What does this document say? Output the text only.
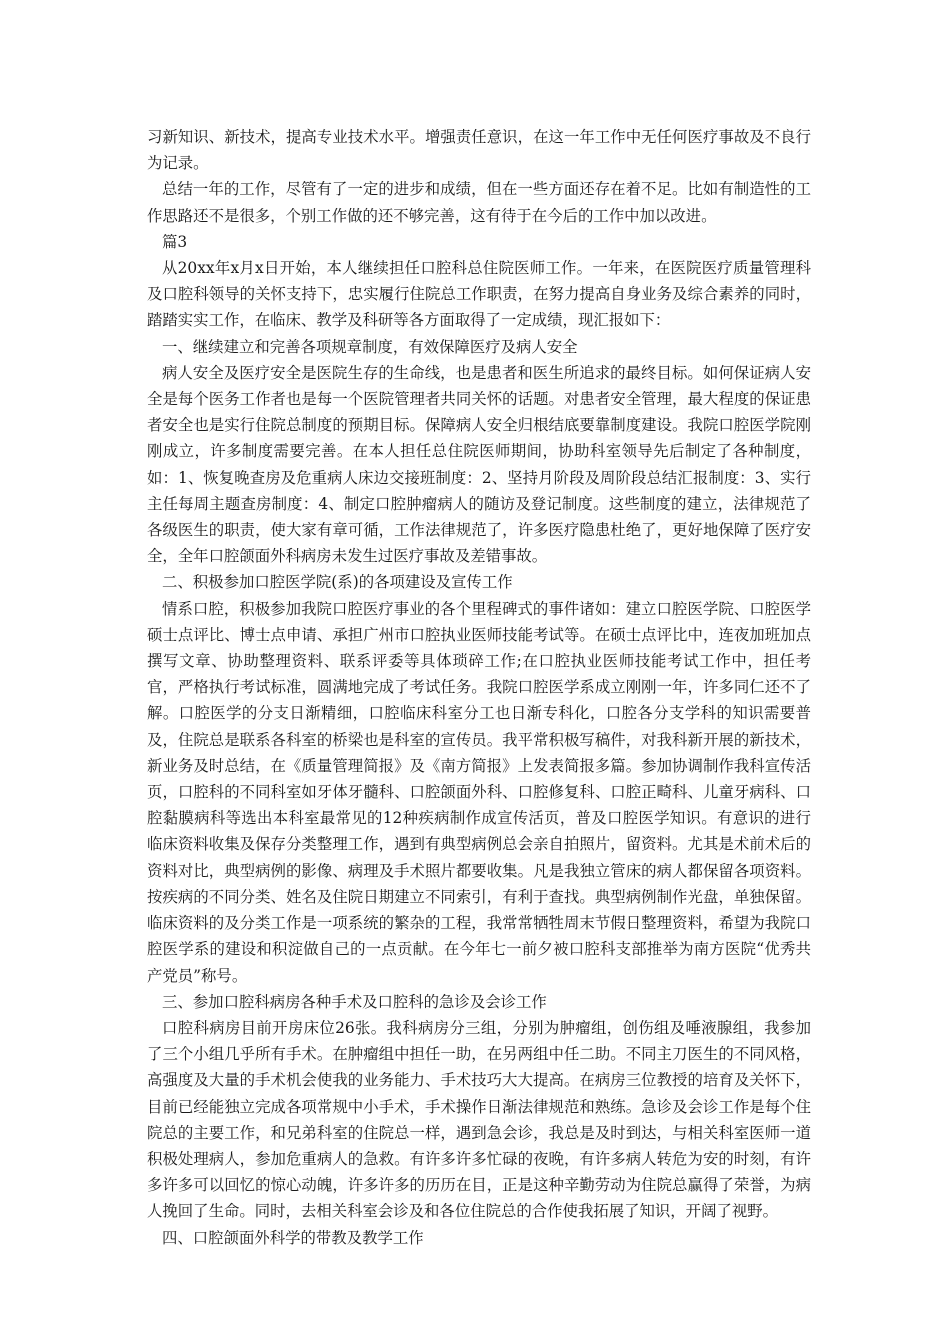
习新知识、新技术，提高专业技术水平。增强责任意识，在这一年工作中无任何医疗事故及不良行为记录。

总结一年的工作，尽管有了一定的进步和成绩，但在一些方面还存在着不足。比如有制造性的工作思路还不是很多，个别工作做的还不够完善，这有待于在今后的工作中加以改进。

篇3

从20xx年x月x日开始，本人继续担任口腔科总住院医师工作。一年来，在医院医疗质量管理科及口腔科领导的关怀支持下，忠实履行住院总工作职责，在努力提高自身业务及综合素养的同时，踏踏实实工作，在临床、教学及科研等各方面取得了一定成绩，现汇报如下：

一、继续建立和完善各项规章制度，有效保障医疗及病人安全

病人安全及医疗安全是医院生存的生命线，也是患者和医生所追求的最终目标。如何保证病人安全是每个医务工作者也是每一个医院管理者共同关怀的话题。对患者安全管理，最大程度的保证患者安全也是实行住院总制度的预期目标。保障病人安全归根结底要靠制度建设。我院口腔医学院刚刚成立，许多制度需要完善。在本人担任总住院医师期间，协助科室领导先后制定了各种制度，如：1、恢复晚查房及危重病人床边交接班制度：2、坚持月阶段及周阶段总结汇报制度：3、实行主任每周主题查房制度：4、制定口腔肿瘤病人的随访及登记制度。这些制度的建立，法律规范了各级医生的职责，使大家有章可循，工作法律规范了，许多医疗隐患杜绝了，更好地保障了医疗安全，全年口腔颌面外科病房未发生过医疗事故及差错事故。

二、积极参加口腔医学院(系)的各项建设及宣传工作

情系口腔，积极参加我院口腔医疗事业的各个里程碑式的事件诸如：建立口腔医学院、口腔医学硕士点评比、博士点申请、承担广州市口腔执业医师技能考试等。在硕士点评比中，连夜加班加点撰写文章、协助整理资料、联系评委等具体琐碎工作;在口腔执业医师技能考试工作中，担任考官，严格执行考试标准，圆满地完成了考试任务。我院口腔医学系成立刚刚一年，许多同仁还不了解。口腔医学的分支日渐精细，口腔临床科室分工也日渐专科化，口腔各分支学科的知识需要普及，住院总是联系各科室的桥梁也是科室的宣传员。我平常积极写稿件，对我科新开展的新技术，新业务及时总结，在《质量管理简报》及《南方简报》上发表简报多篇。参加协调制作我科宣传活页，口腔科的不同科室如牙体牙髓科、口腔颌面外科、口腔修复科、口腔正畸科、儿童牙病科、口腔黏膜病科等选出本科室最常见的12种疾病制作成宣传活页，普及口腔医学知识。有意识的进行临床资料收集及保存分类整理工作，遇到有典型病例总会亲自拍照片，留资料。尤其是术前术后的资料对比，典型病例的影像、病理及手术照片都要收集。凡是我独立管床的病人都保留各项资料。按疾病的不同分类、姓名及住院日期建立不同索引，有利于查找。典型病例制作光盘，单独保留。临床资料的及分类工作是一项系统的繁杂的工程，我常常牺牲周末节假日整理资料，希望为我院口腔医学系的建设和积淀做自己的一点贡献。在今年七一前夕被口腔科支部推举为南方医院“优秀共产党员”称号。

三、参加口腔科病房各种手术及口腔科的急诊及会诊工作

口腔科病房目前开房床位26张。我科病房分三组，分别为肿瘤组，创伤组及唾液腺组，我参加了三个小组几乎所有手术。在肿瘤组中担任一助，在另两组中任二助。不同主刀医生的不同风格，高强度及大量的手术机会使我的业务能力、手术技巧大大提高。在病房三位教授的培育及关怀下，目前已经能独立完成各项常规中小手术，手术操作日渐法律规范和熟练。急诊及会诊工作是每个住院总的主要工作，和兄弟科室的住院总一样，遇到急会诊，我总是及时到达，与相关科室医师一道积极处理病人，参加危重病人的急救。有许多许多忙碌的夜晚，有许多病人转危为安的时刻，有许多许多可以回忆的惊心动魄，许多许多的历历在目，正是这种辛勤劳动为住院总赢得了荣誉，为病人挽回了生命。同时，去相关科室会诊及和各位住院总的合作使我拓展了知识，开阔了视野。

四、口腔颌面外科学的带教及教学工作
